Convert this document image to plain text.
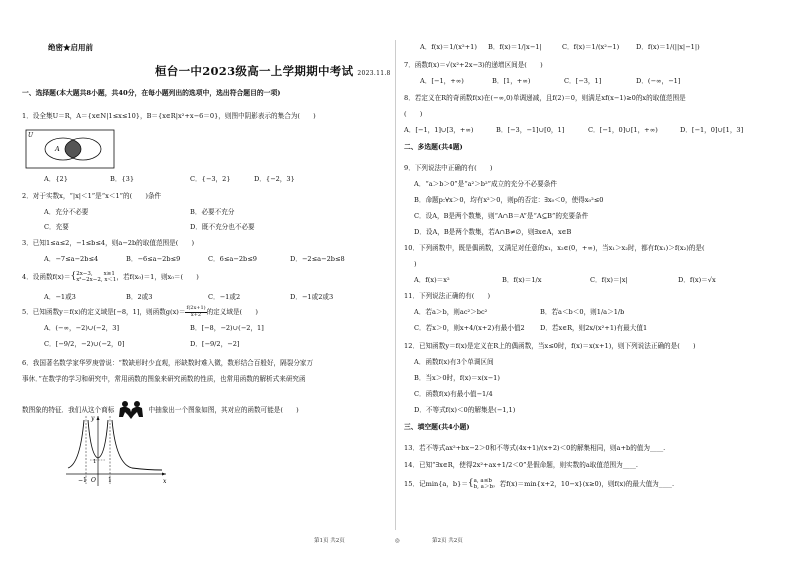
绝密★启用前
桓台一中2023级高一上学期期中考试 2023.11.8
一、选择题(本大题共8小题，共40分，在每小题列出的选项中，选出符合题目的一项)
1．设全集U＝R，A＝{x∈N|1≤x≤10}，B＝{x∈R|x²+x−6＝0}，则图中阴影表示的集合为(　　)
U
A	B
A．{2}	B．{3}	C．{−3，2}	D．{−2，3}
2．对于实数x，“|x|＜1”是“x＜1”的(　　)条件
A．充分不必要	B．必要不充分
C．充要	D．既不充分也不必要
3．已知1≤a≤2，−1≤b≤4，则a−2b的取值范围是(　　)
A．−7≤a−2b≤4	B．−6≤a−2b≤9	C．6≤a−2b≤9	D．−2≤a−2b≤8
4．设函数f(x)＝{ 2x−3,　　x≥1
x²−2x−2, x＜1 ，若f(x₀)＝1，则x₀＝(　　)
A．−1或3	B．2或3	C．−1或2	D．−1或2或3
5．已知函数y＝f(x)的定义域是[−8，1]，则函数$g(x)= \frac{f(2x+1)}{x+2}$ 的定义域是(　　)
A．(−∞，−2)∪(−2，3]	B．[−8，−2)∪(−2，1]
C．[−9/2，−2)∪(−2，0]	D．[−9/2，−2]
6．我国著名数学家华罗庚曾说：“数缺形时少直观，形缺数时难入微，数形结合百般好，隔裂分家万
事休．”在数学的学习和研究中，常用函数的图象来研究函数的性质，也常用函数的解析式来研究函
数图象的特征．我们从这个商标	中抽象出一个图象如图，其对应的函数可能是(　　)
y
x
O
1
−1	1
A．f(x)＝1/(x²+1) B．f(x)＝1/|x−1|	C．f(x)＝1/(x²−1)	D．f(x)＝1/(||x|−1|)
7．函数f(x)＝√(x²+2x−3)的递增区间是(　　)
A．[−1，+∞)	B．[1，+∞)	C．[−3，1]	D．(−∞，−1]
8．若定义在R的奇函数f(x)在(−∞,0)单调递减，且f(2)＝0，则满足xf(x−1)≥0的x的取值范围是
(　　)
A．[−1，1]∪[3，+∞)	B．[−3，−1]∪[0，1]	C．[−1，0]∪[1，+∞)	D．[−1，0]∪[1，3]
二、多选题(共4题)
9．下列说法中正确的有(　　)
A．“a＞b＞0”是“a²＞b²”成立的充分不必要条件
B．命题p:∀x＞0，均有x²＞0，则p的否定：∃x₀＜0，使得x₀²≤0
C．设A，B是两个数集，则“A∩B＝A”是“A⊆B”的充要条件
D．设A，B是两个数集，若A∩B≠∅，则∃x∈A，x∈B
10．下列函数中，既是偶函数，又满足对任意的x₁，x₂∈(0，+∞)，当x₁＞x₂时，都有f(x₁)＞f(x₂)的是(
)
A．f(x)＝x²	B．f(x)＝1/x	C．f(x)＝|x|	D．f(x)＝√x
11．下列说法正确的有(　　)
A．若a＞b，则ac²＞bc²	B．若a＜b＜0，则1/a＞1/b
C．若x＞0，则x+4/(x+2)有最小值2 D．若x∈R，则2x/(x²+1)有最大值1
12．已知函数y＝f(x)是定义在R上的偶函数，当x≤0时，f(x)＝x(x+1)，则下列说法正确的是(　　)
A．函数f(x)有3个单调区间
B．当x＞0时，f(x)＝x(x−1)
C．函数f(x)有最小值−1/4
D．不等式f(x)＜0的解集是(−1,1)
三、填空题(共4小题)
13．若不等式ax²+bx−2＞0和不等式(4x+1)/(x+2)＜0的解集相同，则a+b的值为____.
14．已知“∃x∈R，使得2x²+ax+1/2＜0”是假命题，则实数的a取值范围为____.
15．记min{a，b}＝{ a, a≤b
b, a＞b ，若f(x)＝min{x+2，10−x}(x≥0)，则f(x)的最大值为____.
第1页 共2页	◎	第2页 共2页
